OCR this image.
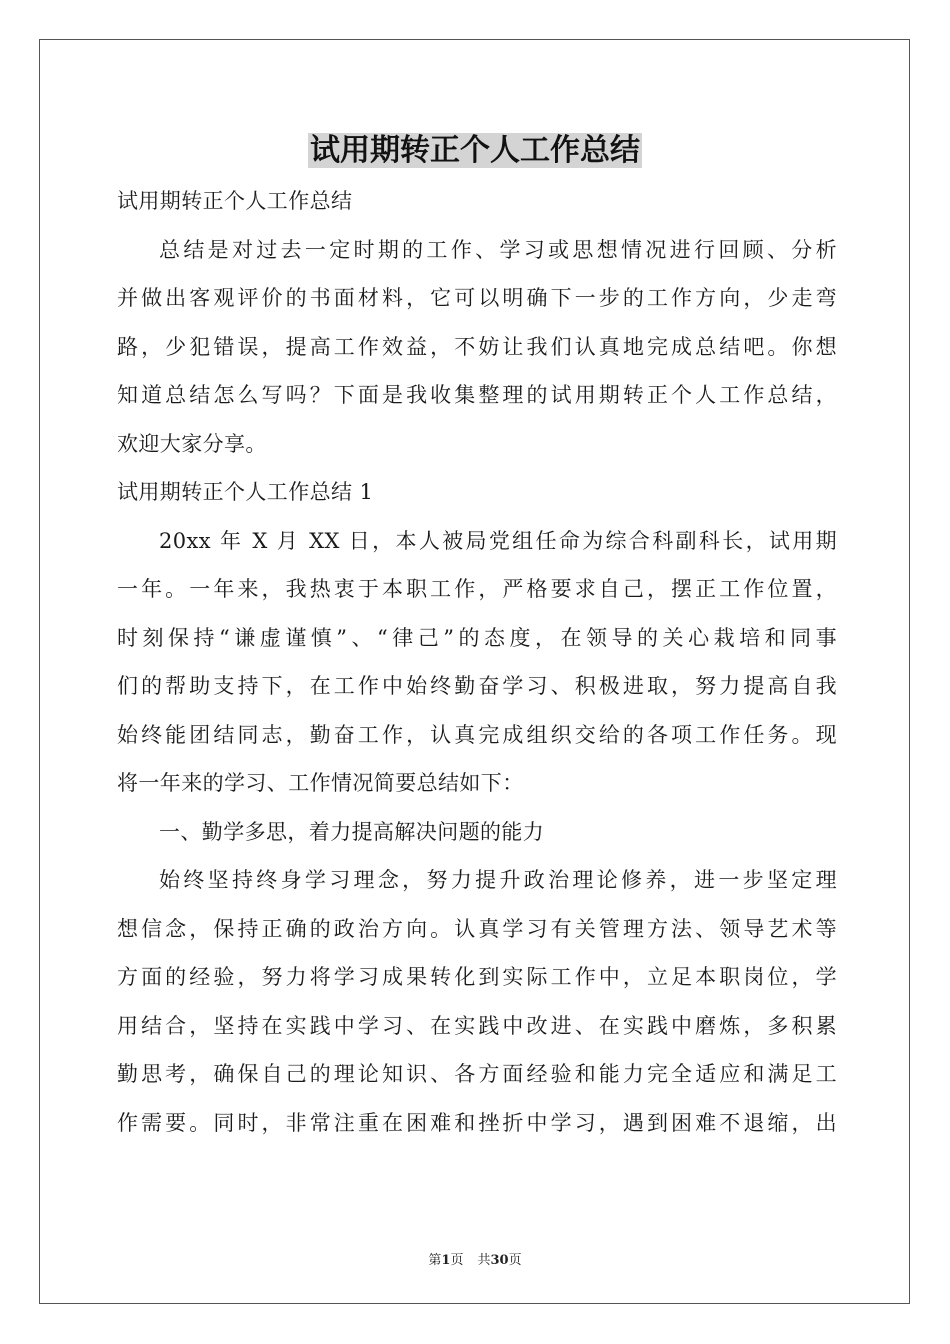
试用期转正个人工作总结
试用期转正个人工作总结
总结是对过去一定时期的工作、学习或思想情况进行回顾、分析
并做出客观评价的书面材料，它可以明确下一步的工作方向，少走弯
路，少犯错误，提高工作效益，不妨让我们认真地完成总结吧。你想
知道总结怎么写吗？下面是我收集整理的试用期转正个人工作总结，
欢迎大家分享。
试用期转正个人工作总结 1
20xx 年 X 月 XX 日，本人被局党组任命为综合科副科长，试用期
一年。一年来，我热衷于本职工作，严格要求自己，摆正工作位置，
时刻保持“谦虚谨慎”、“律己”的态度，在领导的关心栽培和同事
们的帮助支持下，在工作中始终勤奋学习、积极进取，努力提高自我
始终能团结同志，勤奋工作，认真完成组织交给的各项工作任务。现
将一年来的学习、工作情况简要总结如下：
一、勤学多思，着力提高解决问题的能力
始终坚持终身学习理念，努力提升政治理论修养，进一步坚定理
想信念，保持正确的政治方向。认真学习有关管理方法、领导艺术等
方面的经验，努力将学习成果转化到实际工作中，立足本职岗位，学
用结合，坚持在实践中学习、在实践中改进、在实践中磨炼，多积累
勤思考，确保自己的理论知识、各方面经验和能力完全适应和满足工
作需要。同时，非常注重在困难和挫折中学习，遇到困难不退缩，出
第1页 共30页
